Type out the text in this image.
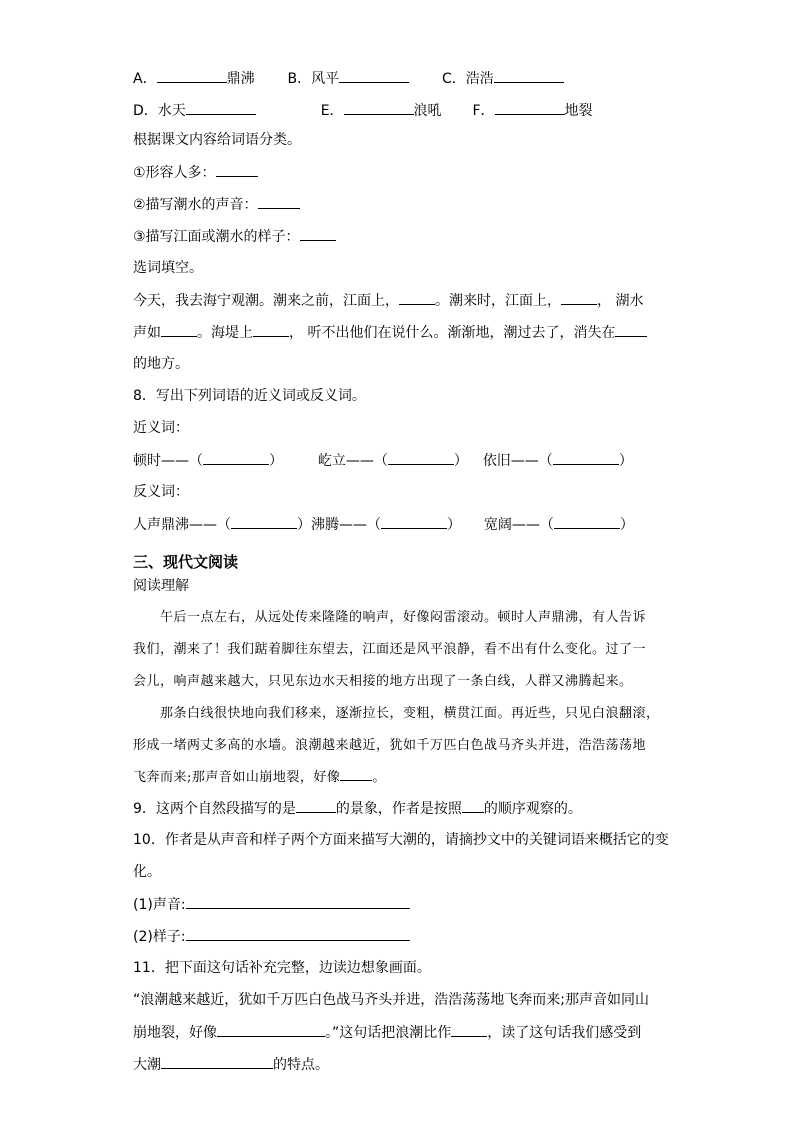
A．	鼎沸 B．风平	C．浩浩
D．水天	E．	浪吼 F．	地裂
根据课文内容给词语分类。
①形容人多：
②描写潮水的声音：
③描写江面或潮水的样子：
选词填空。
今天，我去海宁观潮。潮来之前，江面上，	。潮来时，江面上，	， 湖水
声如	。海堤上	， 听不出他们在说什么。渐渐地，潮过去了，消失在
的地方。
8．写出下列词语的近义词或反义词。
近义词：
顿时——（	） 屹立——（	） 依旧——（	）
反义词：
人声鼎沸——（	）沸腾——（	） 宽阔——（	）
三、现代文阅读
阅读理解
午后一点左右，从远处传来隆隆的响声，好像闷雷滚动。顿时人声鼎沸，有人告诉
我们，潮来了！我们踮着脚往东望去，江面还是风平浪静，看不出有什么变化。过了一
会儿，响声越来越大，只见东边水天相接的地方出现了一条白线，人群又沸腾起来。
那条白线很快地向我们移来，逐渐拉长，变粗，横贯江面。再近些，只见白浪翻滚，
形成一堵两丈多高的水墙。浪潮越来越近，犹如千万匹白色战马齐头并进，浩浩荡荡地
飞奔而来;那声音如山崩地裂，好像 。
9．这两个自然段描写的是	的景象，作者是按照 的顺序观察的。
10．作者是从声音和样子两个方面来描写大潮的，请摘抄文中的关键词语来概括它的变
化。
(1)声音:
(2)样子:
11．把下面这句话补充完整，边读边想象画面。
“浪潮越来越近，犹如千万匹白色战马齐头并进，浩浩荡荡地飞奔而来;那声音如同山
崩地裂，好像	。”这句话把浪潮比作	，读了这句话我们感受到
大潮	的特点。
